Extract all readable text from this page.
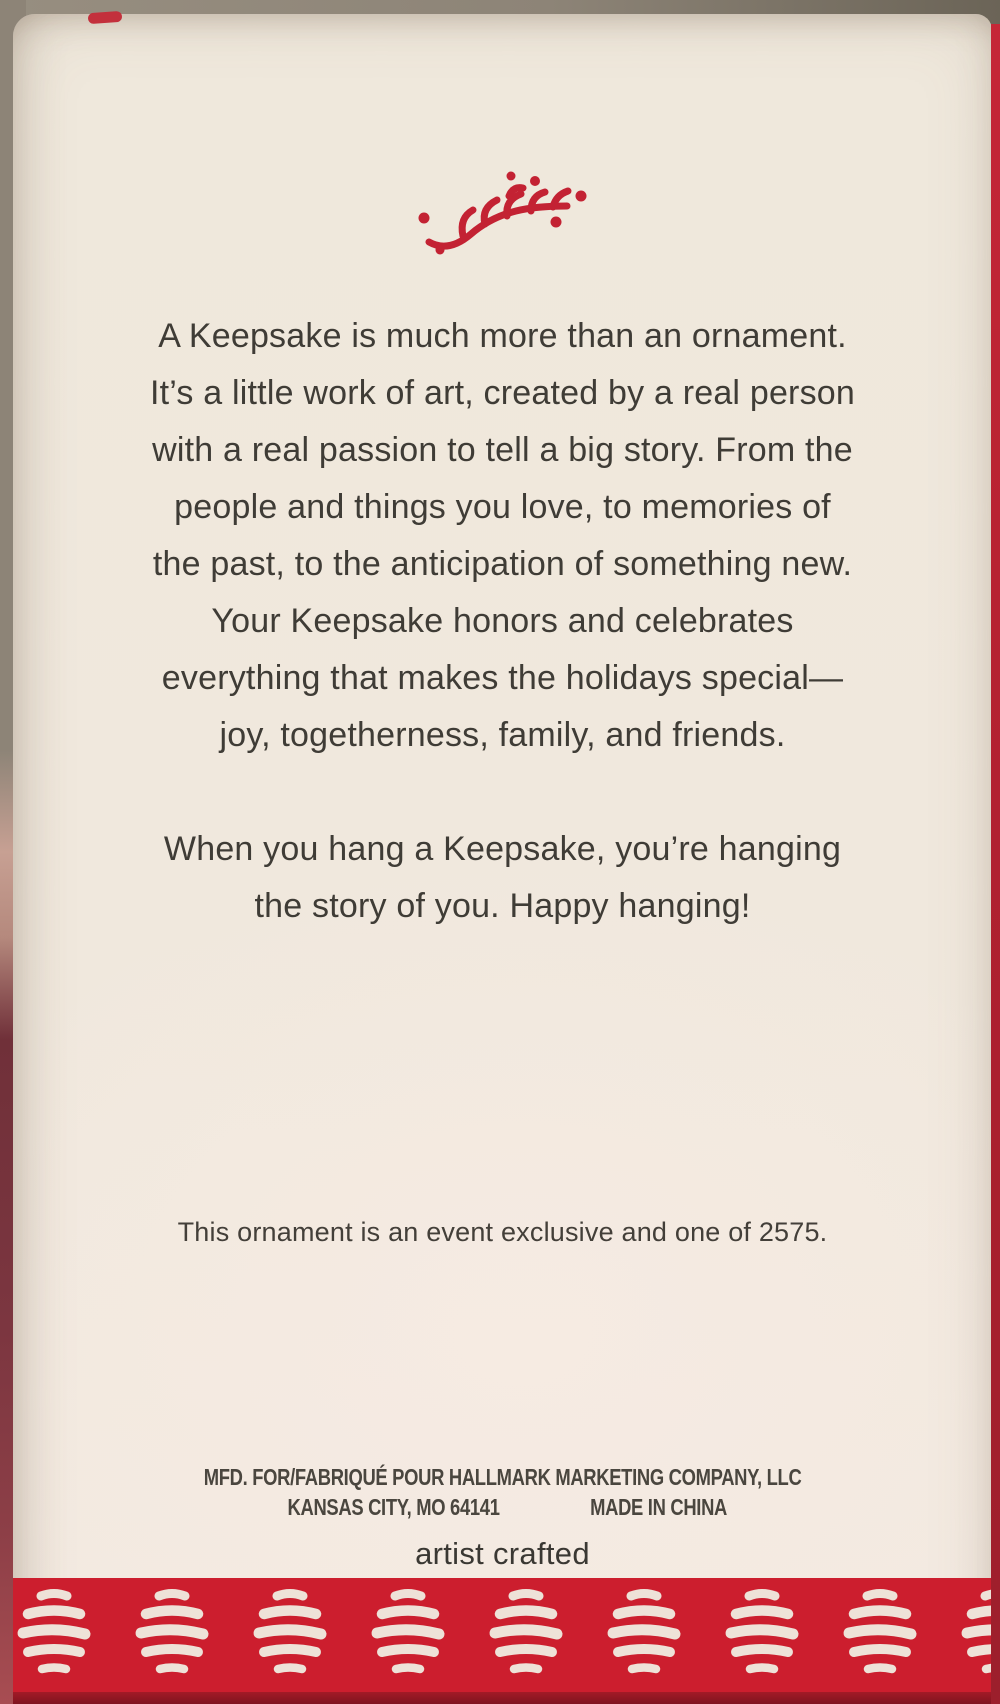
A Keepsake is much more than an ornament.
It’s a little work of art, created by a real person
with a real passion to tell a big story. From the
people and things you love, to memories of
the past, to the anticipation of something new.
Your Keepsake honors and celebrates
everything that makes the holidays special—
joy, togetherness, family, and friends.
When you hang a Keepsake, you’re hanging
the story of you. Happy hanging!
This ornament is an event exclusive and one of 2575.
MFD. FOR/FABRIQUÉ POUR HALLMARK MARKETING COMPANY, LLC
KANSAS CITY, MO 64141	MADE IN CHINA
artist crafted
